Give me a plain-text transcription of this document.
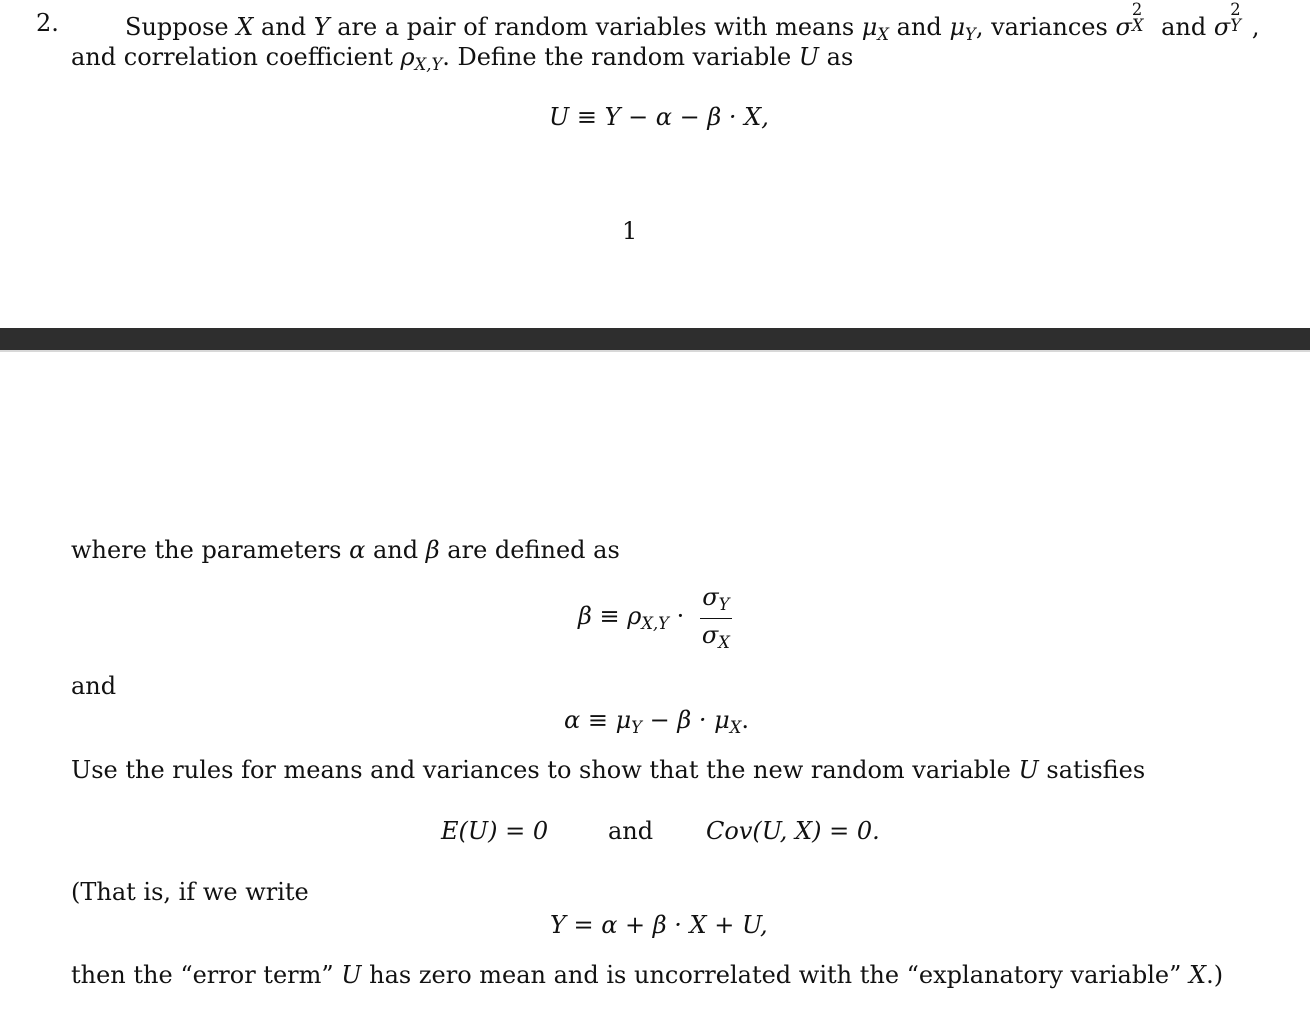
2.	Suppose X and Y are a pair of random variables with means $\mu_X$ and $\mu_Y$, variances σ
2
X and σ
2
Y ,
and correlation coefficient $\rho_{X,Y}$. Define the random variable U as
U ≡ Y − α − β · X,
1
where the parameters α and β are defined as
$\beta \equiv \rho_{X,Y} \cdot \frac{\sigma_Y}{\sigma_X}$
and
$\alpha \equiv \mu_Y - \beta \cdot \mu_X$.
Use the rules for means and variances to show that the new random variable U satisfies
E(U) = 0 and Cov(U, X) = 0.
(That is, if we write
Y = α + β · X + U,
then the “error term” U has zero mean and is uncorrelated with the “explanatory variable” X.)
